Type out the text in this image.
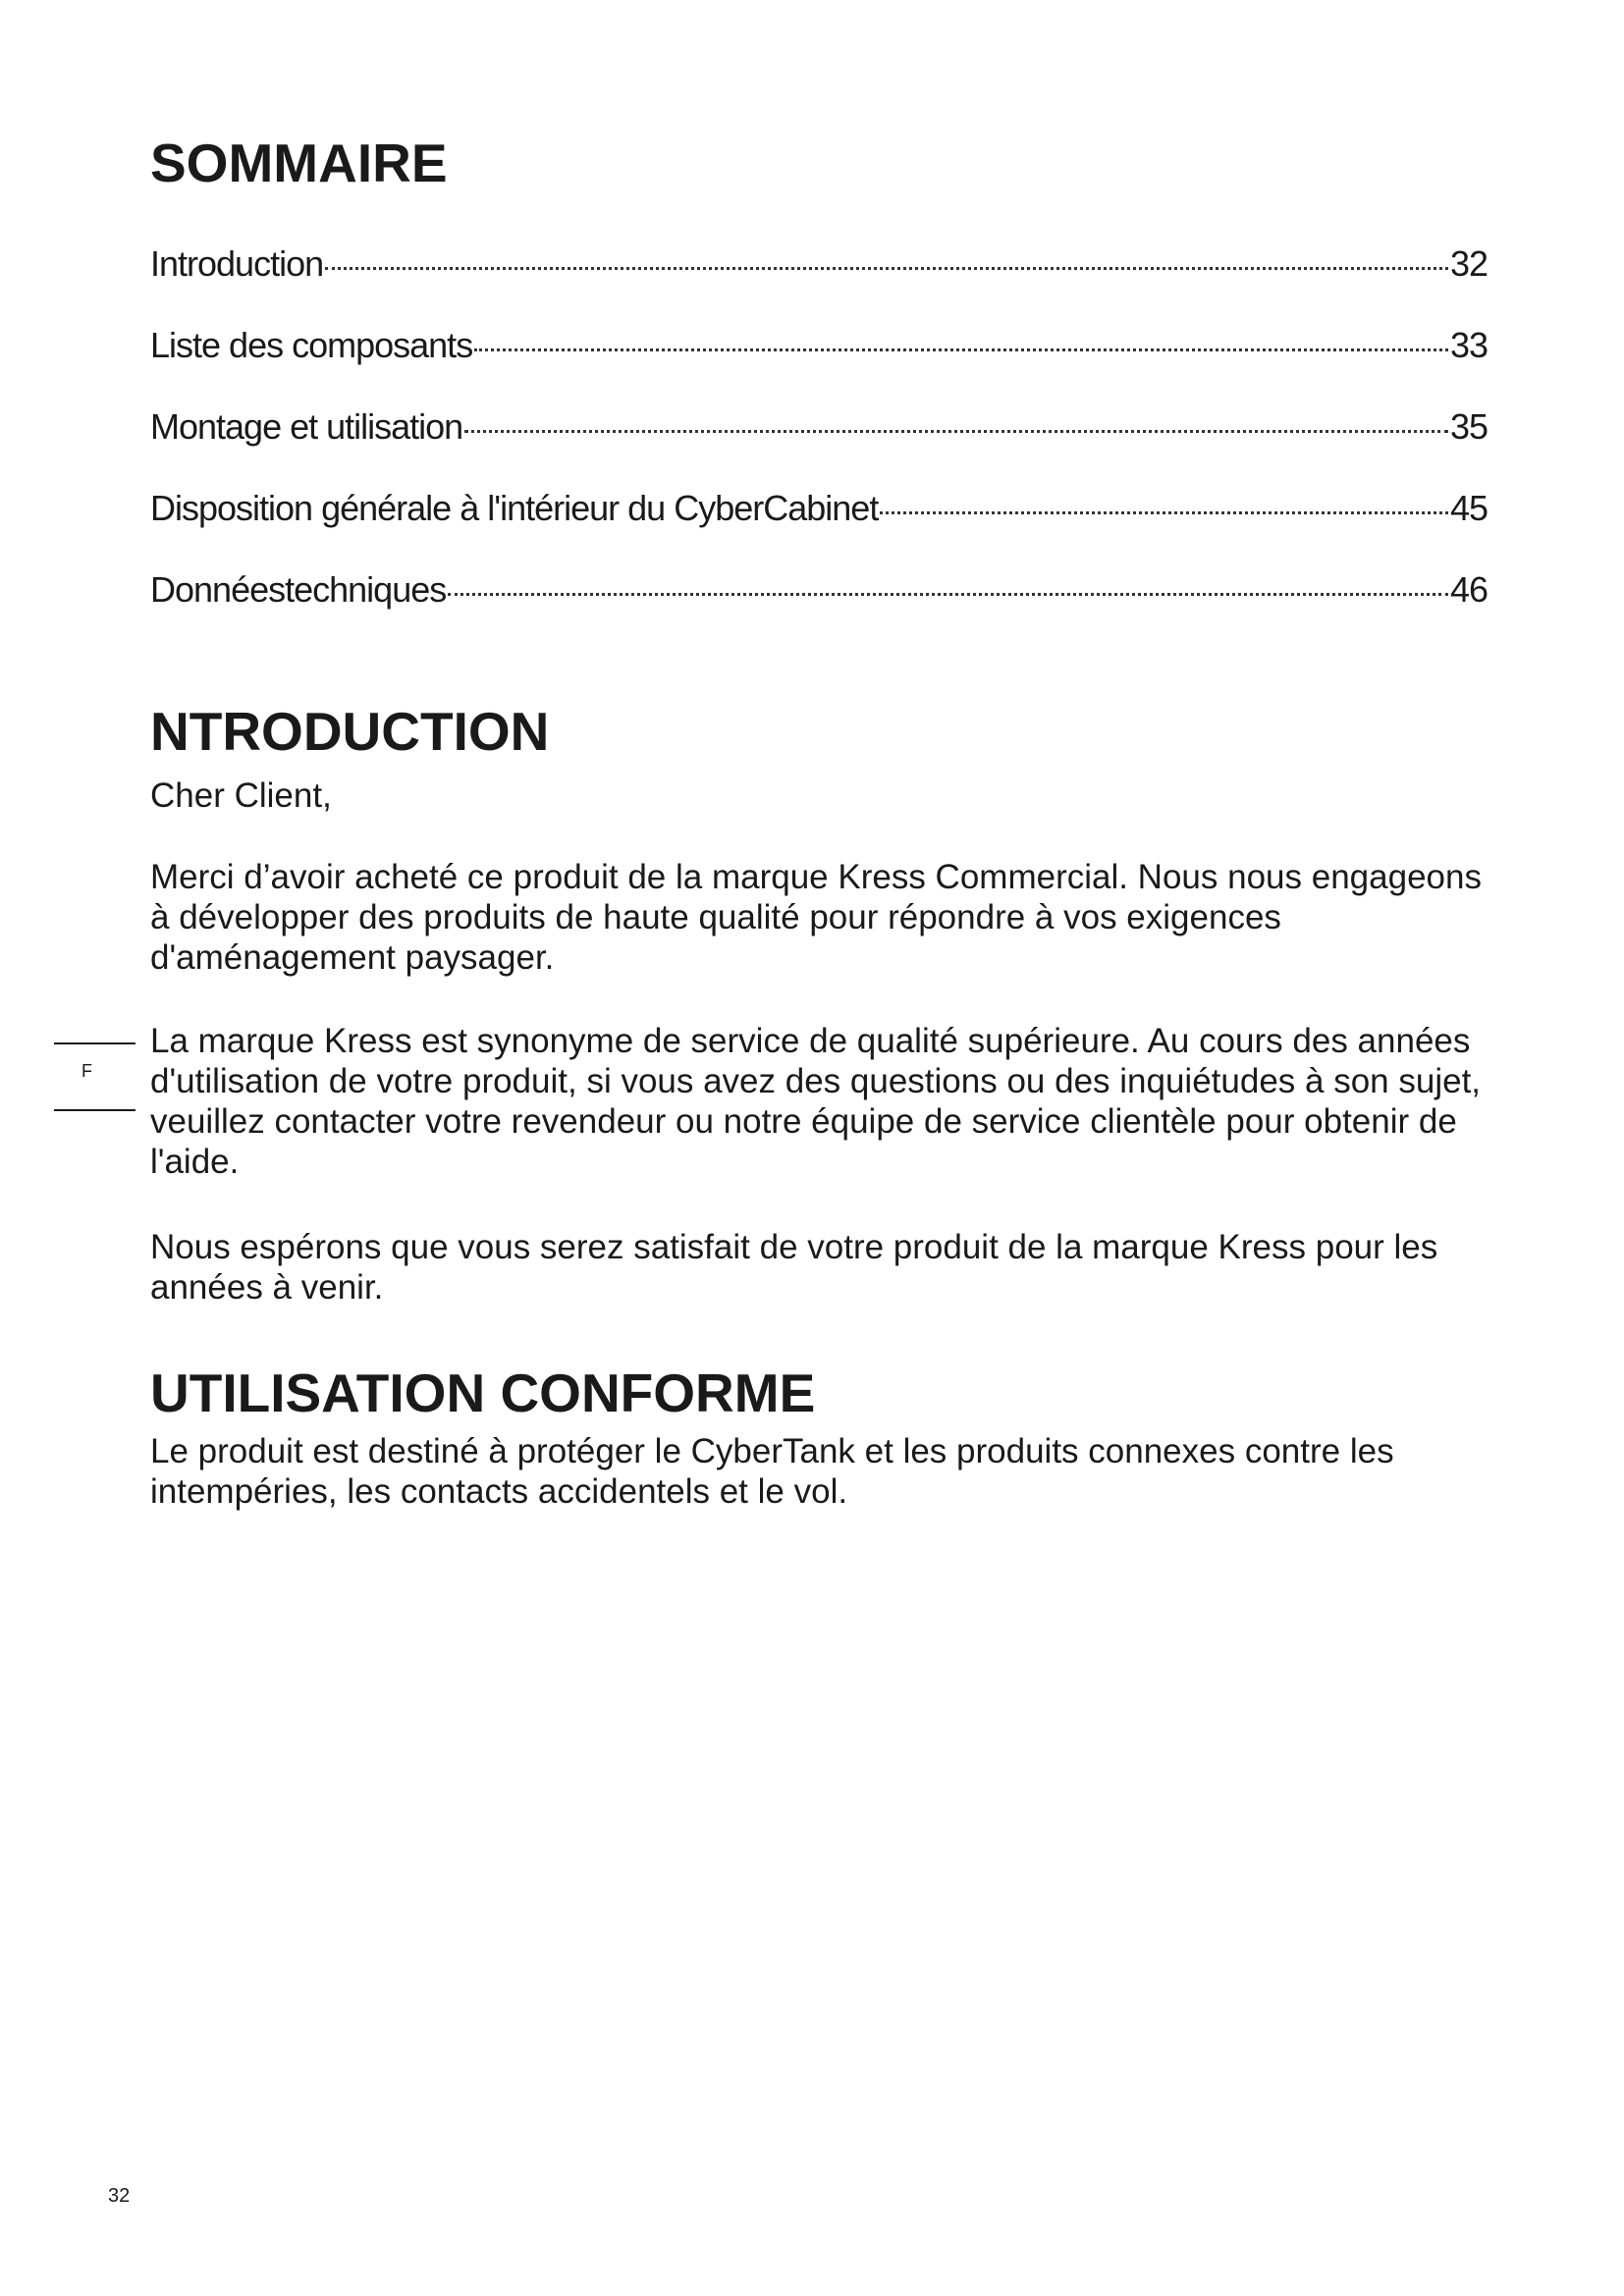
SOMMAIRE
Introduction	32
Liste des composants	33
Montage et utilisation	35
Disposition générale à l'intérieur du CyberCabinet	45
Donnéestechniques	46
NTRODUCTION

Cher Client,

Merci d’avoir acheté ce produit de la marque Kress Commercial. Nous nous engageons à développer des produits de haute qualité pour répondre à vos exigences d'aménagement paysager.

La marque Kress est synonyme de service de qualité supérieure. Au cours des années d'utilisation de votre produit, si vous avez des questions ou des inquiétudes à son sujet, veuillez contacter votre revendeur ou notre équipe de service clientèle pour obtenir de l'aide.

Nous espérons que vous serez satisfait de votre produit de la marque Kress pour les années à venir.

UTILISATION CONFORME

Le produit est destiné à protéger le CyberTank et les produits connexes contre les intempéries, les contacts accidentels et le vol.

F
32
